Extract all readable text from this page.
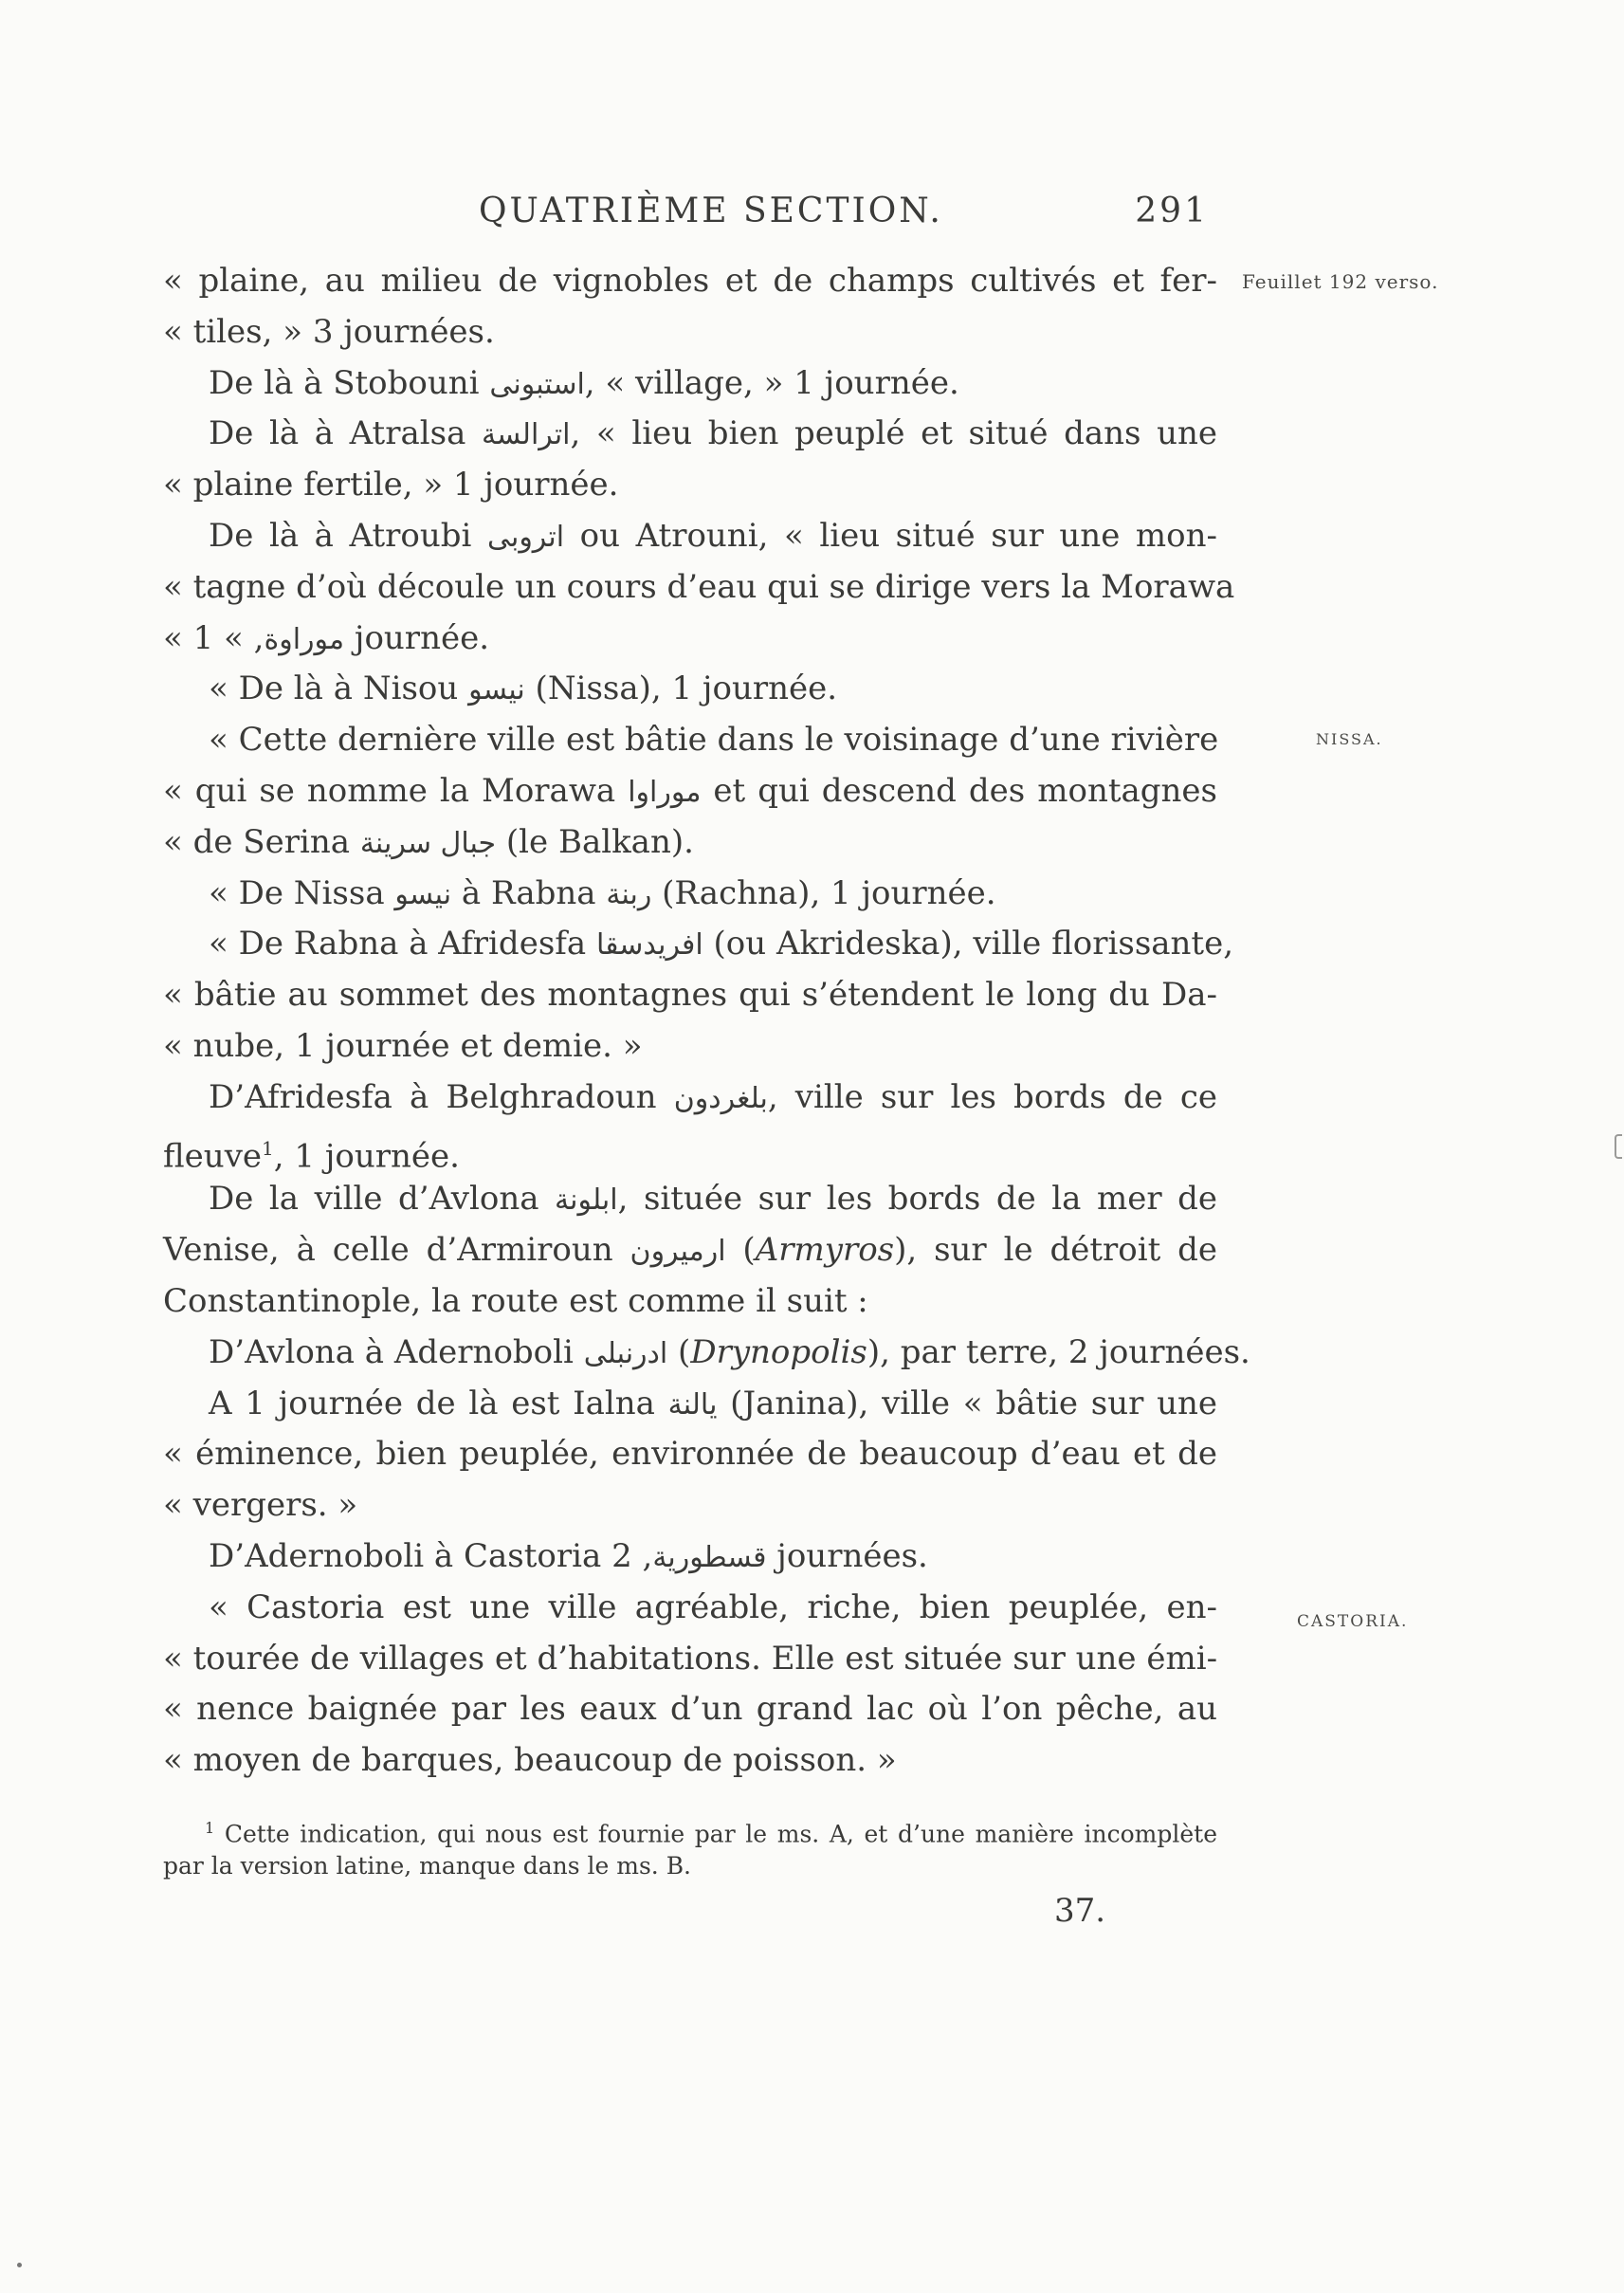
QUATRIÈME SECTION.	291
Feuillet 192 verso.
NISSA.
CASTORIA.
« plaine, au milieu de vignobles et de champs cultivés et fer-
« tiles, » 3 journées.
De là à Stobouni استبونى, « village, » 1 journée.
De là à Atralsa اترالسة, « lieu bien peuplé et situé dans une
« plaine fertile, » 1 journée.
De là à Atroubi اتروبى ou Atrouni, « lieu situé sur une mon-
« tagne d’où découle un cours d’eau qui se dirige vers la Morawa
« موراوة, » 1 journée.
« De là à Nisou نيسو (Nissa), 1 journée.
« Cette dernière ville est bâtie dans le voisinage d’une rivière
« qui se nomme la Morawa موراوا et qui descend des montagnes
« de Serina جبال سرينة (le Balkan).
« De Nissa نيسو à Rabna ربنة (Rachna), 1 journée.
« De Rabna à Afridesfa افريدسقا (ou Akrideska), ville florissante,
« bâtie au sommet des montagnes qui s’étendent le long du Da-
« nube, 1 journée et demie. »
D’Afridesfa à Belghradoun بلغردون, ville sur les bords de ce
fleuve$^1$, 1 journée.
De la ville d’Avlona ابلونة, située sur les bords de la mer de
Venise, à celle d’Armiroun ارميرون (Armyros), sur le détroit de
Constantinople, la route est comme il suit :
D’Avlona à Adernoboli ادرنبلى (Drynopolis), par terre, 2 journées.
A 1 journée de là est Ialna يالنة (Janina), ville « bâtie sur une
« éminence, bien peuplée, environnée de beaucoup d’eau et de
« vergers. »
D’Adernoboli à Castoria قسطورية, 2 journées.
« Castoria est une ville agréable, riche, bien peuplée, en-
« tourée de villages et d’habitations. Elle est située sur une émi-
« nence baignée par les eaux d’un grand lac où l’on pêche, au
« moyen de barques, beaucoup de poisson. »
$^1$ Cette indication, qui nous est fournie par le ms. A, et d’une manière incomplète
par la version latine, manque dans le ms. B.
37.
